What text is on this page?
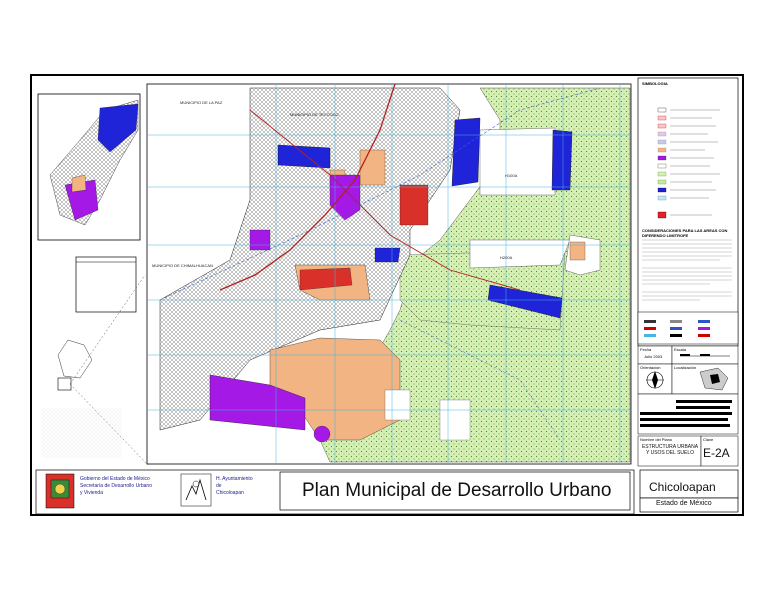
MUNICIPIO DE TEXCOCO
MUNICIPIO DE CHIMALHUACAN
MUNICIPIO DE LA PAZ
H100A
H200A
SIMBOLOGIA
CONSIDERACIONES PARA LAS AREAS CON DIFERENDO LIMITROFE
Fecha
Julio 2003
Escala
Orientación	Localización
Nombre del Plano	Clave
ESTRUCTURA URBANA Y USOS DEL SUELO E-2A
Gobierno del Estado de México
Secretaría de Desarrollo Urbano
y Vivienda
H. Ayuntamiento
de
Chicoloapan	Plan Municipal de Desarrollo Urbano	Chicoloapan
Estado de México
